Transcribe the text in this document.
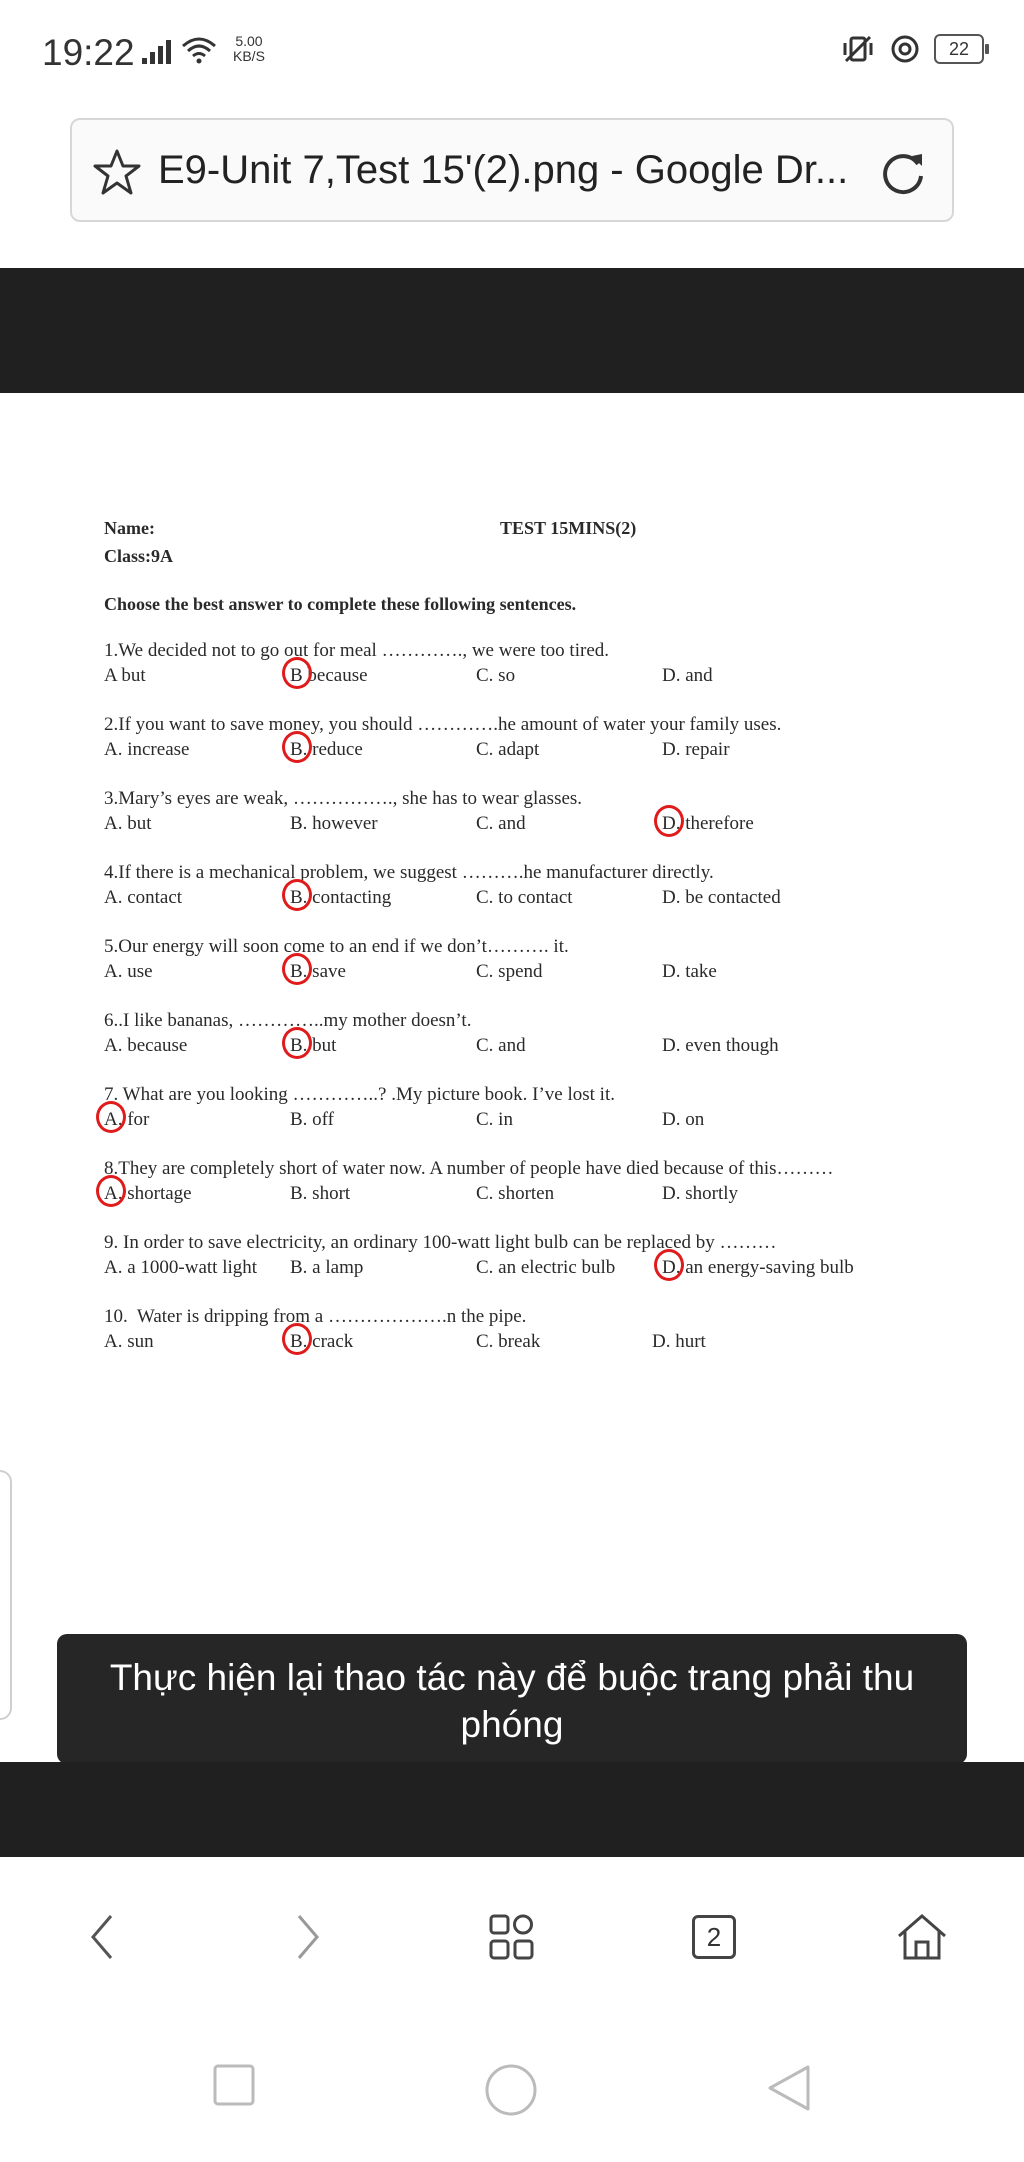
19:22	5.00
KB/S	22
E9-Unit 7,Test 15'(2).png - Google Dr...
Name:
Class:9A
TEST 15MINS(2)
Choose the best answer to complete these following sentences.
1.We decided not to go out for meal …………., we were too tired.
A but	B because	C. so	D. and
2.If you want to save money, you should ………….he amount of water your family uses.
A. increase	B. reduce	C. adapt	D. repair
3.Mary’s eyes are weak, ……………., she has to wear glasses.
A. but	B. however	C. and	D. therefore
4.If there is a mechanical problem, we suggest ……….he manufacturer directly.
A. contact	B. contacting	C. to contact	D. be contacted
5.Our energy will soon come to an end if we don’t………. it.
A. use	B. save	C. spend	D. take
6..I like bananas, …………..my mother doesn’t.
A. because	B. but	C. and	D. even though
7. What are you looking …………..? .My picture book. I’ve lost it.
A. for	B. off	C. in	D. on
8.They are completely short of water now. A number of people have died because of this………
A. shortage	B. short	C. shorten	D. shortly
9. In order to save electricity, an ordinary 100-watt light bulb can be replaced by ………
A. a 1000-watt light B. a lamp	C. an electric bulb D. an energy-saving bulb
10.  Water is dripping from a ……………….n the pipe.
A. sun	B. crack	C. break	D. hurt
Thực hiện lại thao tác này để buộc trang phải thu phóng
2
